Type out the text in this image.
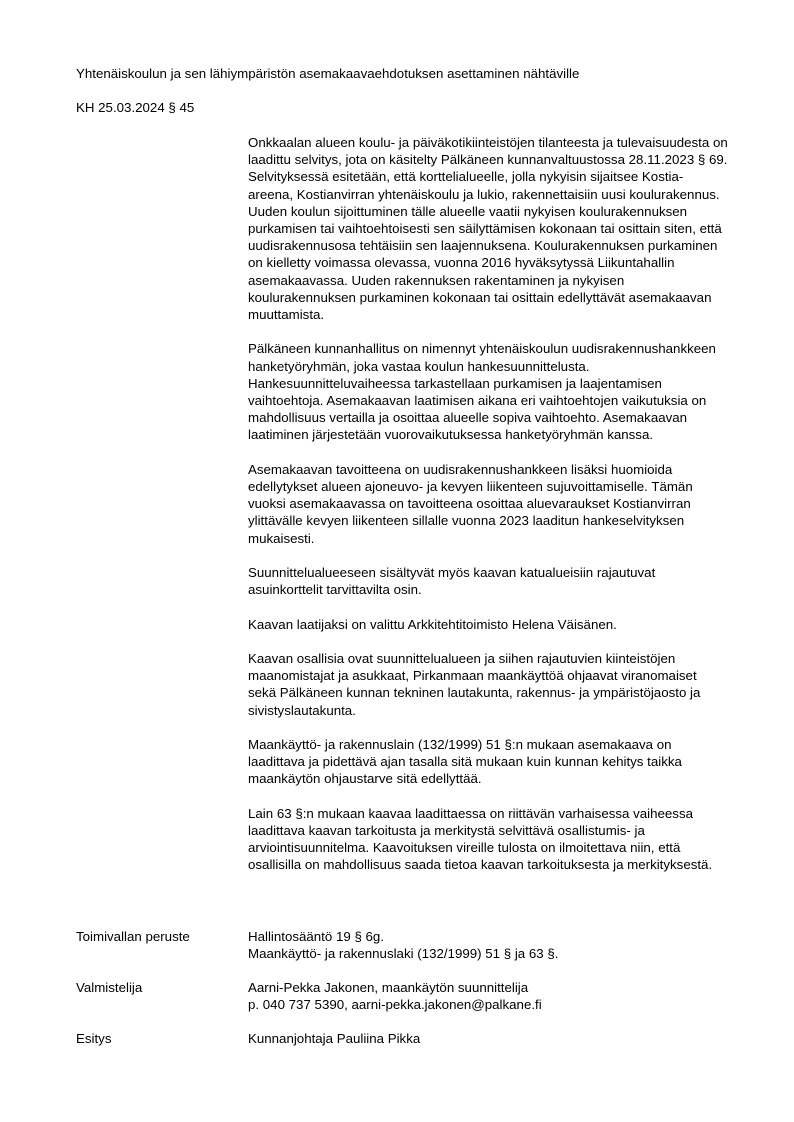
Yhtenäiskoulun ja sen lähiympäristön asemakaavaehdotuksen asettaminen nähtäville
KH 25.03.2024 § 45

Onkkaalan alueen koulu- ja päiväkotikiinteistöjen tilanteesta ja tulevaisuudesta on laadittu selvitys, jota on käsitelty Pälkäneen kunnanvaltuustossa 28.11.2023 § 69. Selvityksessä esitetään, että korttelialueelle, jolla nykyisin sijaitsee Kostia-areena, Kostianvirran yhtenäiskoulu ja lukio, rakennettaisiin uusi koulurakennus. Uuden koulun sijoittuminen tälle alueelle vaatii nykyisen koulurakennuksen purkamisen tai vaihtoehtoisesti sen säilyttämisen kokonaan tai osittain siten, että uudisrakennusosa tehtäisiin sen laajennuksena. Koulurakennuksen purkaminen on kielletty voimassa olevassa, vuonna 2016 hyväksytyssä Liikuntahallin asemakaavassa. Uuden rakennuksen rakentaminen ja nykyisen koulurakennuksen purkaminen kokonaan tai osittain edellyttävät asemakaavan muuttamista.

Pälkäneen kunnanhallitus on nimennyt yhtenäiskoulun uudisrakennushankkeen hanketyöryhmän, joka vastaa koulun hankesuunnittelusta. Hankesuunnitteluvaiheessa tarkastellaan purkamisen ja laajentamisen vaihtoehtoja. Asemakaavan laatimisen aikana eri vaihtoehtojen vaikutuksia on mahdollisuus vertailla ja osoittaa alueelle sopiva vaihtoehto. Asemakaavan laatiminen järjestetään vuorovaikutuksessa hanketyöryhmän kanssa.

Asemakaavan tavoitteena on uudisrakennushankkeen lisäksi huomioida edellytykset alueen ajoneuvo- ja kevyen liikenteen sujuvoittamiselle. Tämän vuoksi asemakaavassa on tavoitteena osoittaa aluevaraukset Kostianvirran ylittävälle kevyen liikenteen sillalle vuonna 2023 laaditun hankeselvityksen mukaisesti.

Suunnittelualueeseen sisältyvät myös kaavan katualueisiin rajautuvat asuinkorttelit tarvittavilta osin.

Kaavan laatijaksi on valittu Arkkitehtitoimisto Helena Väisänen.

Kaavan osallisia ovat suunnittelualueen ja siihen rajautuvien kiinteistöjen maanomistajat ja asukkaat, Pirkanmaan maankäyttöä ohjaavat viranomaiset sekä Pälkäneen kunnan tekninen lautakunta, rakennus- ja ympäristöjaosto ja sivistyslautakunta.

Maankäyttö- ja rakennuslain (132/1999) 51 §:n mukaan asemakaava on laadittava ja pidettävä ajan tasalla sitä mukaan kuin kunnan kehitys taikka maankäytön ohjaustarve sitä edellyttää.

Lain 63 §:n mukaan kaavaa laadittaessa on riittävän varhaisessa vaiheessa laadittava kaavan tarkoitusta ja merkitystä selvittävä osallistumis- ja arviointisuunnitelma. Kaavoituksen vireille tulosta on ilmoitettava niin, että osallisilla on mahdollisuus saada tietoa kaavan tarkoituksesta ja merkityksestä.

Toimivallan peruste	Hallintosääntö 19 § 6g.
Maankäyttö- ja rakennuslaki (132/1999) 51 § ja 63 §.
Valmistelija	Aarni-Pekka Jakonen, maankäytön suunnittelija
p. 040 737 5390, aarni-pekka.jakonen@palkane.fi
Esitys	Kunnanjohtaja Pauliina Pikka
